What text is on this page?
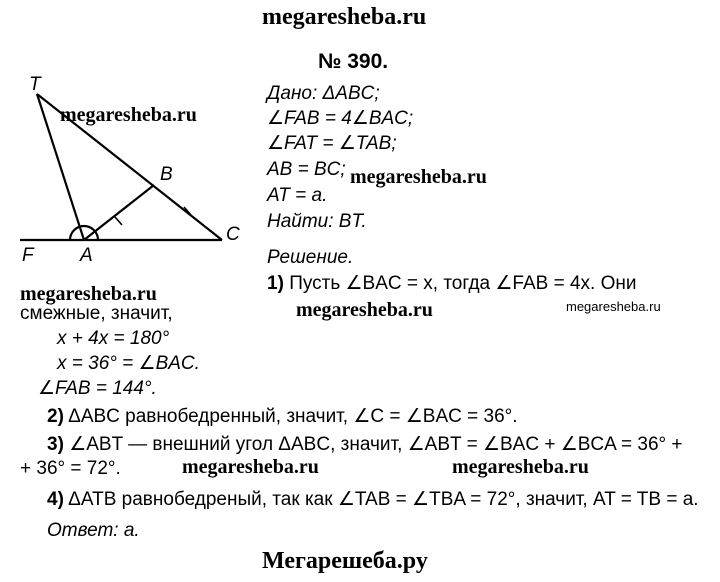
megaresheba.ru
№ 390.
T
B
C
F A
megaresheba.ru
Дано: ΔABC;
∠FAB = 4∠BAC;
∠FAT = ∠TAB;
AB = BC; megaresheba.ru
AT = a.
Найти: BT.
Решение.
1) Пусть ∠BAC = x, тогда ∠FAB = 4x. Они
megaresheba.ru
megaresheba.ru	megaresheba.ru
смежные, значит,
x + 4x = 180°
x = 36° = ∠BAC.
∠FAB = 144°.
2) ΔABC равнобедренный, значит, ∠C = ∠BAC = 36°.
3) ∠ABT — внешний угол ΔABC, значит, ∠ABT = ∠BAC + ∠BCA = 36° +
+ 36° = 72°.	megaresheba.ru	megaresheba.ru
4) ΔATB равнобедреный, так как ∠TAB = ∠TBA = 72°, значит, AT = TB = a.
Ответ: a.
Мегарешеба.ру
